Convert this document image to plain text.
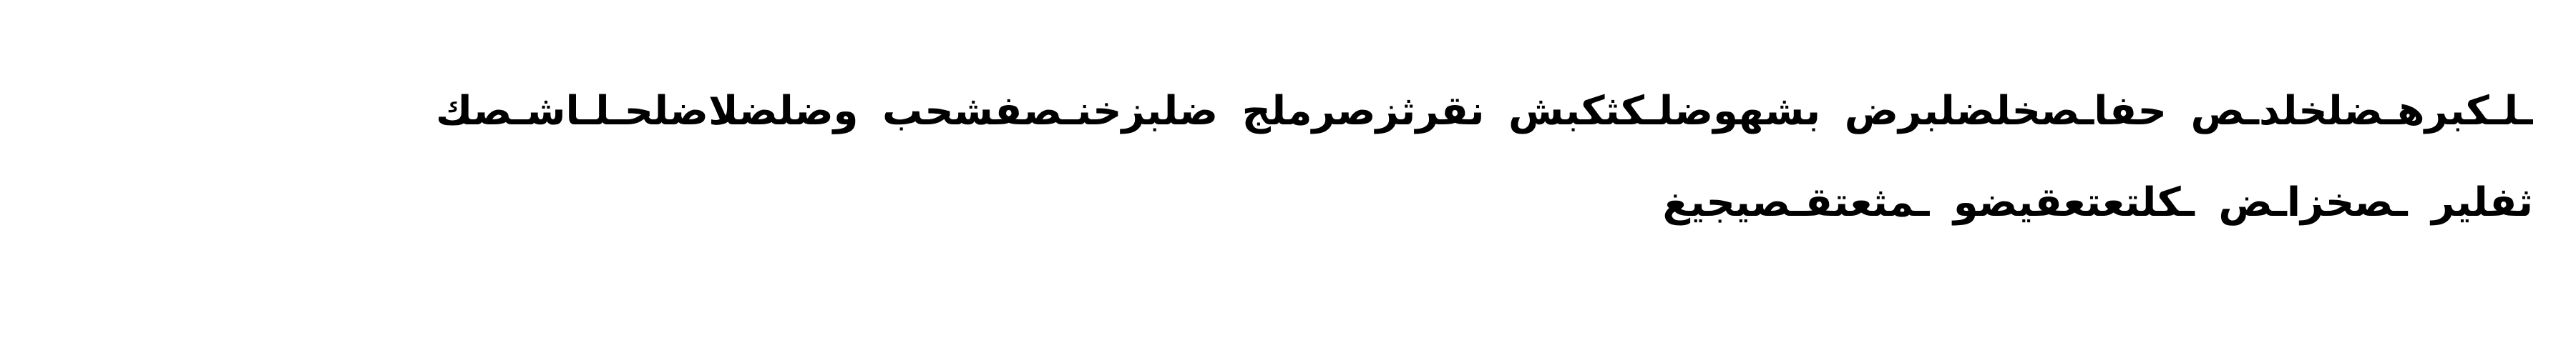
ـلـكبرهـضلخلدـص حفاـصخلضلبرض بشهوضلـكثكبش نقرثزصرملج ضلبزخنـصفشحب وضلضلاضلحـلـاشـصك
ثفلير ـصخزاـض ـكلتعتعقيضو ـمثعتقـصيجيغ
